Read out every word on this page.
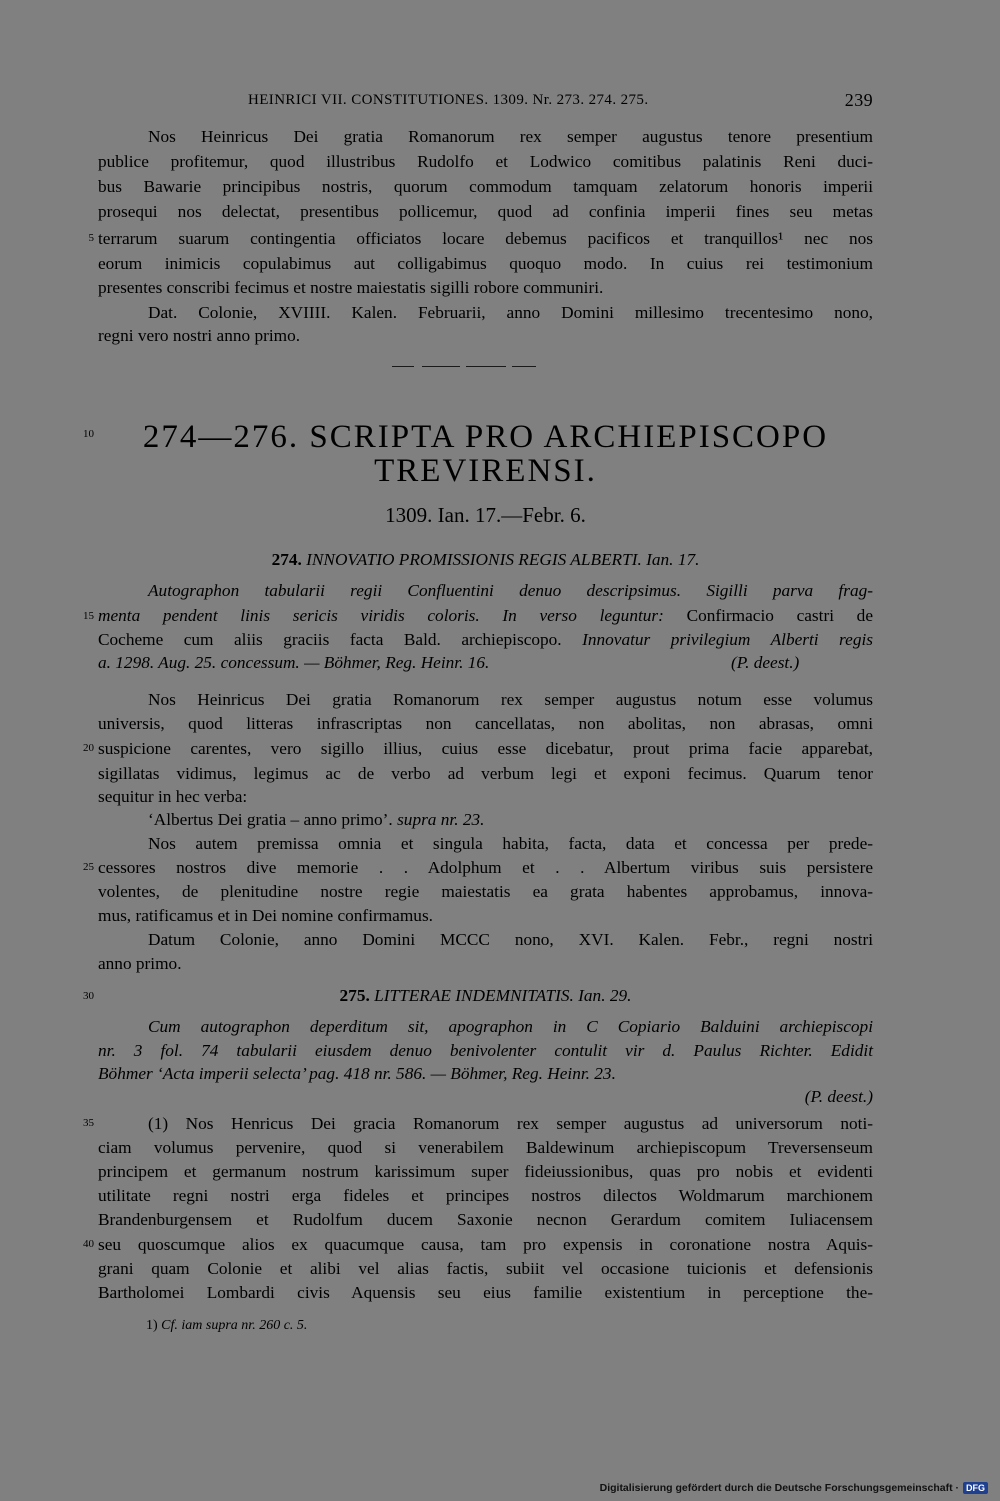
HEINRICI VII. CONSTITUTIONES. 1309. Nr. 273. 274. 275.	239
Nos Heinricus Dei gratia Romanorum rex semper augustus tenore presentium
publice profitemur, quod illustribus Rudolfo et Lodwico comitibus palatinis Reni duci-
bus Bawarie principibus nostris, quorum commodum tamquam zelatorum honoris imperii
prosequi nos delectat, presentibus pollicemur, quod ad confinia imperii fines seu metas
terrarum suarum contingentia officiatos locare debemus pacificos et tranquillos¹ nec nos
eorum inimicis copulabimus aut colligabimus quoquo modo. In cuius rei testimonium
presentes conscribi fecimus et nostre maiestatis sigilli robore communiri.
Dat. Colonie, XVIIII. Kalen. Februarii, anno Domini millesimo trecentesimo nono,
regni vero nostri anno primo.
274—276. SCRIPTA PRO ARCHIEPISCOPO
TREVIRENSI.
1309. Ian. 17.—Febr. 6.
274. INNOVATIO PROMISSIONIS REGIS ALBERTI. Ian. 17.
Autographon tabularii regii Confluentini denuo descripsimus. Sigilli parva frag-
menta pendent linis sericis viridis coloris. In verso leguntur: Confirmacio castri de
Cocheme cum aliis graciis facta Bald. archiepiscopo. Innovatur privilegium Alberti regis
a. 1298. Aug. 25. concessum. — Böhmer, Reg. Heinr. 16.	(P. deest.)
Nos Heinricus Dei gratia Romanorum rex semper augustus notum esse volumus
universis, quod litteras infrascriptas non cancellatas, non abolitas, non abrasas, omni
suspicione carentes, vero sigillo illius, cuius esse dicebatur, prout prima facie apparebat,
sigillatas vidimus, legimus ac de verbo ad verbum legi et exponi fecimus. Quarum tenor
sequitur in hec verba:
‘Albertus Dei gratia – anno primo’. supra nr. 23.
Nos autem premissa omnia et singula habita, facta, data et concessa per prede-
cessores nostros dive memorie . . Adolphum et . . Albertum viribus suis persistere
volentes, de plenitudine nostre regie maiestatis ea grata habentes approbamus, innova-
mus, ratificamus et in Dei nomine confirmamus.
Datum Colonie, anno Domini MCCC nono, XVI. Kalen. Febr., regni nostri
anno primo.
275. LITTERAE INDEMNITATIS. Ian. 29.
Cum autographon deperditum sit, apographon in C Copiario Balduini archiepiscopi
nr. 3 fol. 74 tabularii eiusdem denuo benivolenter contulit vir d. Paulus Richter. Edidit
Böhmer ‘Acta imperii selecta’ pag. 418 nr. 586. — Böhmer, Reg. Heinr. 23.
(P. deest.)
(1) Nos Henricus Dei gracia Romanorum rex semper augustus ad universorum noti-
ciam volumus pervenire, quod si venerabilem Baldewinum archiepiscopum Treversenseum
principem et germanum nostrum karissimum super fideiussionibus, quas pro nobis et evidenti
utilitate regni nostri erga fideles et principes nostros dilectos Woldmarum marchionem
Brandenburgensem et Rudolfum ducem Saxonie necnon Gerardum comitem Iuliacensem
seu quoscumque alios ex quacumque causa, tam pro expensis in coronatione nostra Aquis-
grani quam Colonie et alibi vel alias factis, subiit vel occasione tuicionis et defensionis
Bartholomei Lombardi civis Aquensis seu eius familie existentium in perceptione the-
5
10
15
20
25
30
35
40
1) Cf. iam supra nr. 260 c. 5.
Digitalisierung gefördert durch die Deutsche Forschungsgemeinschaft · DFG
